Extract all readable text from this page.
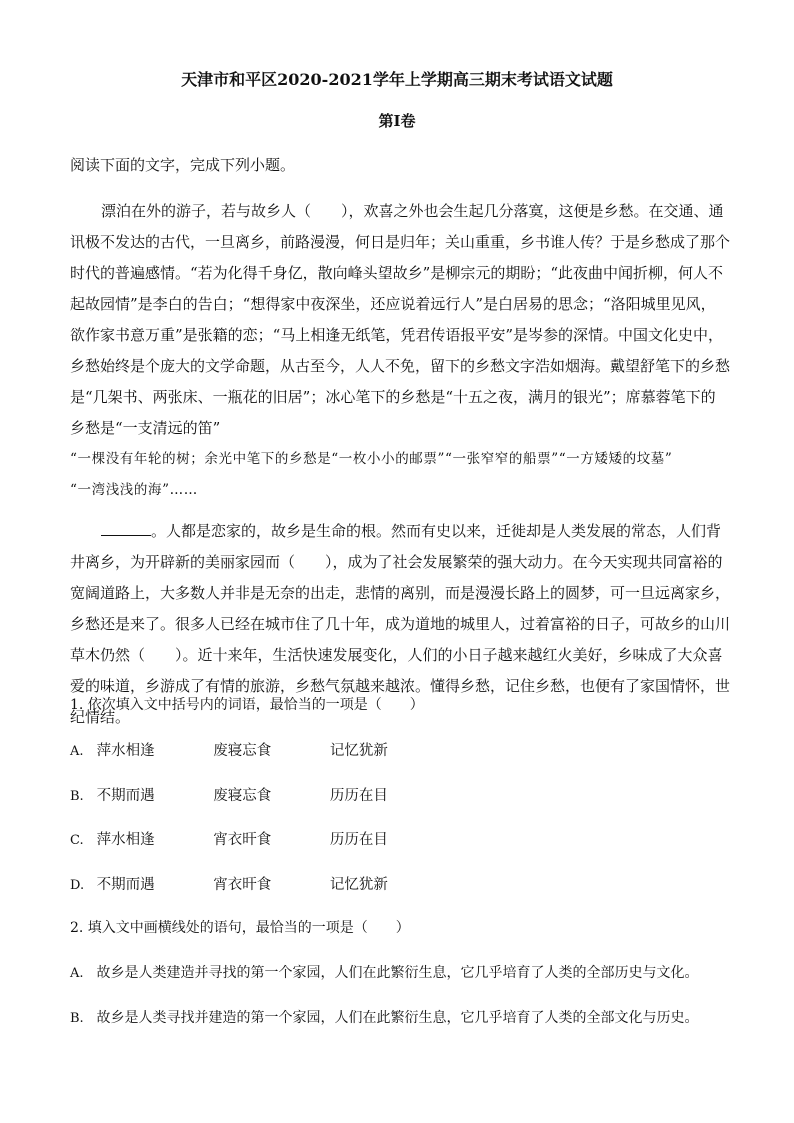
天津市和平区2020-2021学年上学期高三期末考试语文试题
第Ⅰ卷
阅读下面的文字，完成下列小题。

漂泊在外的游子，若与故乡人（　　），欢喜之外也会生起几分落寞，这便是乡愁。在交通、通讯极不发达的古代，一旦离乡，前路漫漫，何日是归年；关山重重，乡书谁人传？于是乡愁成了那个时代的普遍感情。“若为化得千身亿，散向峰头望故乡”是柳宗元的期盼；“此夜曲中闻折柳，何人不起故园情”是李白的告白；“想得家中夜深坐，还应说着远行人”是白居易的思念；“洛阳城里见风，欲作家书意万重”是张籍的恋；“马上相逢无纸笔，凭君传语报平安”是岑参的深情。中国文化史中，乡愁始终是个庞大的文学命题，从古至今，人人不免，留下的乡愁文字浩如烟海。戴望舒笔下的乡愁是“几架书、两张床、一瓶花的旧居”；冰心笔下的乡愁是“十五之夜，满月的银光”；席慕蓉笔下的乡愁是“一支清远的笛”

“一棵没有年轮的树；余光中笔下的乡愁是“一枚小小的邮票”“一张窄窄的船票”“一方矮矮的坟墓”
“一湾浅浅的海”……

。人都是恋家的，故乡是生命的根。然而有史以来，迁徙却是人类发展的常态，人们背井离乡，为开辟新的美丽家园而（　　），成为了社会发展繁荣的强大动力。在今天实现共同富裕的宽阔道路上，大多数人并非是无奈的出走，悲情的离别，而是漫漫长路上的圆梦，可一旦远离家乡，乡愁还是来了。很多人已经在城市住了几十年，成为道地的城里人，过着富裕的日子，可故乡的山川草木仍然（　　）。近十来年，生活快速发展变化，人们的小日子越来越红火美好，乡味成了大众喜爱的味道，乡游成了有情的旅游，乡愁气氛越来越浓。懂得乡愁，记住乡愁，也便有了家国情怀，世纪情结。

1. 依次填入文中括号内的词语，最恰当的一项是（　　）
A. 萍水相逢	废寝忘食	记忆犹新
B. 不期而遇	废寝忘食	历历在目
C. 萍水相逢	宵衣旰食	历历在目
D. 不期而遇	宵衣旰食	记忆犹新
2. 填入文中画横线处的语句，最恰当的一项是（　　）
A. 故乡是人类建造并寻找的第一个家园，人们在此繁衍生息，它几乎培育了人类的全部历史与文化。
B. 故乡是人类寻找并建造的第一个家园，人们在此繁衍生息，它几乎培育了人类的全部文化与历史。
